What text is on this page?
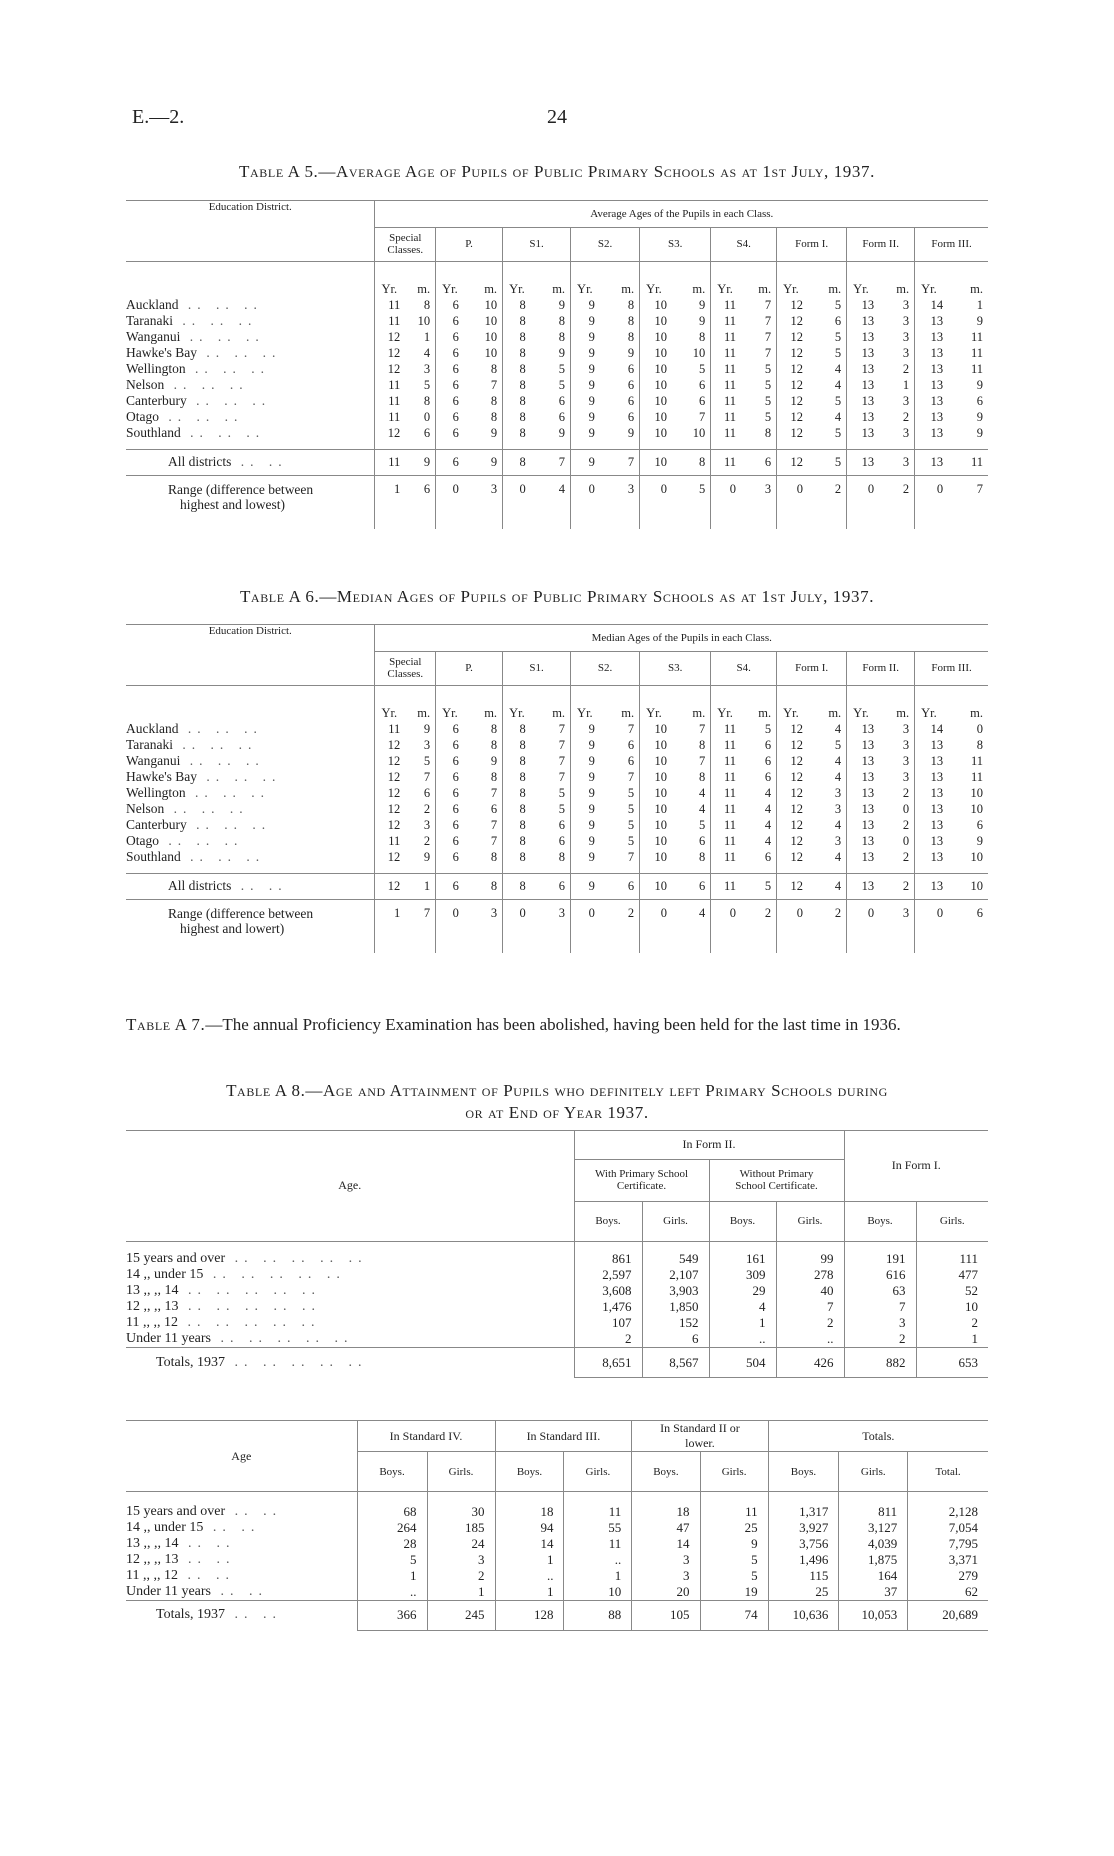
E.—2.	24
Table A 5.—Average Age of Pupils of Public Primary Schools as at 1st July, 1937.

	Average Ages of the Pupils in each Class.																	
Education District.	Special Classes.		P.		S1.		S2.		S3.		S4.		Form I.		Form II.		Form III.	

	Yr.	m.	Yr.	m.	Yr.	m.	Yr.	m.	Yr.	m.	Yr.	m.	Yr.	m.	Yr.	m.	Yr.	m.
Auckland .. .. ..	11	8	6	10	8	9	9	8	10	9	11	7	12	5	13	3	14	1
Taranaki .. .. ..	11	10	6	10	8	8	9	8	10	9	11	7	12	6	13	3	13	9
Wanganui .. .. ..	12	1	6	10	8	8	9	8	10	8	11	7	12	5	13	3	13	11
Hawke's Bay .. .. ..	12	4	6	10	8	9	9	9	10	10	11	7	12	5	13	3	13	11
Wellington .. .. ..	12	3	6	8	8	5	9	6	10	5	11	5	12	4	13	2	13	11
Nelson .. .. ..	11	5	6	7	8	5	9	6	10	6	11	5	12	4	13	1	13	9
Canterbury .. .. ..	11	8	6	8	8	6	9	6	10	6	11	5	12	5	13	3	13	6
Otago .. .. ..	11	0	6	8	8	6	9	6	10	7	11	5	12	4	13	2	13	9
Southland .. .. ..	12	6	6	9	8	9	9	9	10	10	11	8	12	5	13	3	13	9

All districts .. ..	11	9	6	9	8	7	9	7	10	8	11	6	12	5	13	3	13	11

Range (difference between
highest and lowest)	1	6	0	3	0	4	0	3	0	5	0	3	0	2	0	2	0	7

Table A 6.—Median Ages of Pupils of Public Primary Schools as at 1st July, 1937.

	Median Ages of the Pupils in each Class.																	
Education District.	Special Classes.		P.		S1.		S2.		S3.		S4.		Form I.		Form II.		Form III.	

	Yr.	m.	Yr.	m.	Yr.	m.	Yr.	m.	Yr.	m.	Yr.	m.	Yr.	m.	Yr.	m.	Yr.	m.
Auckland .. .. ..	11	9	6	8	8	7	9	7	10	7	11	5	12	4	13	3	14	0
Taranaki .. .. ..	12	3	6	8	8	7	9	6	10	8	11	6	12	5	13	3	13	8
Wanganui .. .. ..	12	5	6	9	8	7	9	6	10	7	11	6	12	4	13	3	13	11
Hawke's Bay .. .. ..	12	7	6	8	8	7	9	7	10	8	11	6	12	4	13	3	13	11
Wellington .. .. ..	12	6	6	7	8	5	9	5	10	4	11	4	12	3	13	2	13	10
Nelson .. .. ..	12	2	6	6	8	5	9	5	10	4	11	4	12	3	13	0	13	10
Canterbury .. .. ..	12	3	6	7	8	6	9	5	10	5	11	4	12	4	13	2	13	6
Otago .. .. ..	11	2	6	7	8	6	9	5	10	6	11	4	12	3	13	0	13	9
Southland .. .. ..	12	9	6	8	8	8	9	7	10	8	11	6	12	4	13	2	13	10

All districts .. ..	12	1	6	8	8	6	9	6	10	6	11	5	12	4	13	2	13	10

Range (difference between
highest and lowert)	1	7	0	3	0	3	0	2	0	4	0	2	0	2	0	3	0	6

Table A 7.—The annual Proficiency Examination has been abolished, having been held for the last time in 1936.
Table A 8.—Age and Attainment of Pupils who definitely left Primary Schools during
or at End of Year 1937.

Age.	In Form II.				In Form I.	
	With Primary School Certificate.		Without Primary School Certificate.			
	Boys.	Girls.	Boys.	Girls.	Boys.	Girls.

15 years and over .. .. .. .. ..	861	549	161	99	191	111
14 ,, under 15 .. .. .. .. ..	2,597	2,107	309	278	616	477
13 ,, ,, 14 .. .. .. .. ..	3,608	3,903	29	40	63	52
12 ,, ,, 13 .. .. .. .. ..	1,476	1,850	4	7	7	10
11 ,, ,, 12 .. .. .. .. ..	107	152	1	2	3	2
Under 11 years .. .. .. .. ..	2	6	..	..	2	1
Totals, 1937 .. .. .. .. ..	8,651	8,567	504	426	882	653
Age	In Standard IV.		In Standard III.		In Standard II or lower.		Totals.		
	Boys.	Girls.	Boys.	Girls.	Boys.	Girls.	Boys.	Girls.	Total.

15 years and over .. ..	68	30	18	11	18	11	1,317	811	2,128
14 ,, under 15 .. ..	264	185	94	55	47	25	3,927	3,127	7,054
13 ,, ,, 14 .. ..	28	24	14	11	14	9	3,756	4,039	7,795
12 ,, ,, 13 .. ..	5	3	1	..	3	5	1,496	1,875	3,371
11 ,, ,, 12 .. ..	1	2	..	1	3	5	115	164	279
Under 11 years .. ..	..	1	1	10	20	19	25	37	62
Totals, 1937 .. ..	366	245	128	88	105	74	10,636	10,053	20,689
